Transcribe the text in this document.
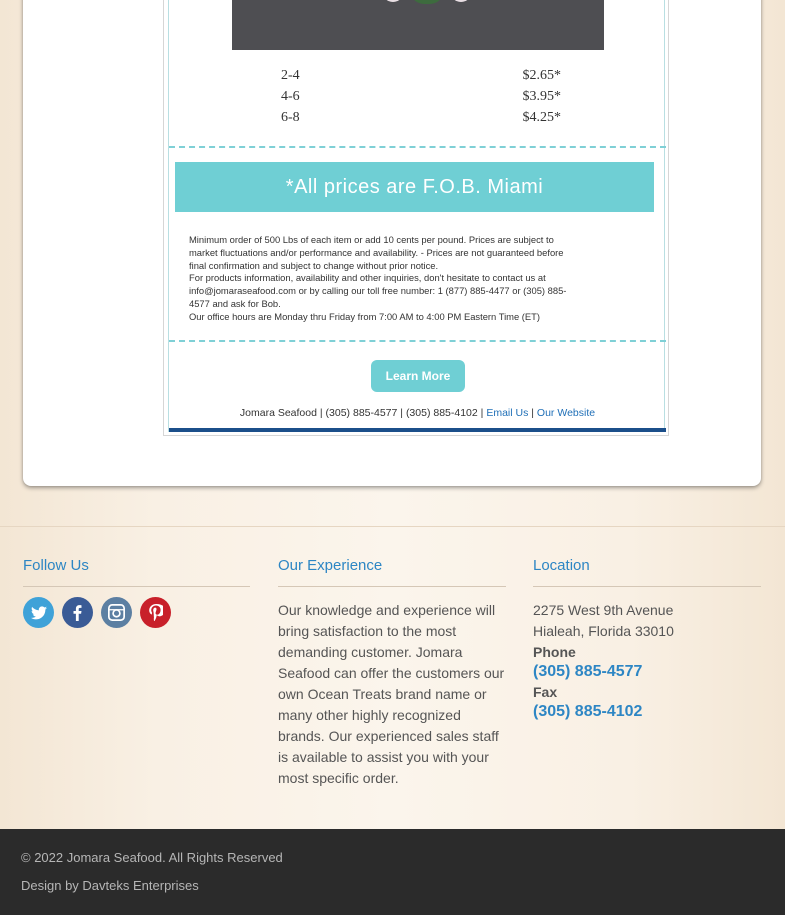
2-4	$2.65*
4-6	$3.95*
6-8	$4.25*
*All prices are F.O.B. Miami

Minimum order of 500 Lbs of each item or add 10 cents per pound. Prices are subject to

market fluctuations and/or performance and availability. - Prices are not guaranteed before

final confirmation and subject to change without prior notice.

For products information, availability and other inquiries, don't hesitate to contact us at

info@jomaraseafood.com or by calling our toll free number: 1 (877) 885-4477 or (305) 885-

4577 and ask for Bob.

Our office hours are Monday thru Friday from 7:00 AM to 4:00 PM Eastern Time (ET)

Learn More
Jomara Seafood | (305) 885-4577 | (305) 885-4102 | Email Us | Our Website
Follow Us	Our Experience
Our knowledge and experience will bring satisfaction to the most demanding customer. Jomara Seafood can offer the customers our own Ocean Treats brand name or many other highly recognized brands. Our experienced sales staff is available to assist you with your most specific order.
Location
2275 West 9th Avenue
Hialeah, Florida 33010
Phone
(305) 885-4577
Fax
(305) 885-4102
© 2022 Jomara Seafood. All Rights Reserved
Design by Davteks Enterprises
